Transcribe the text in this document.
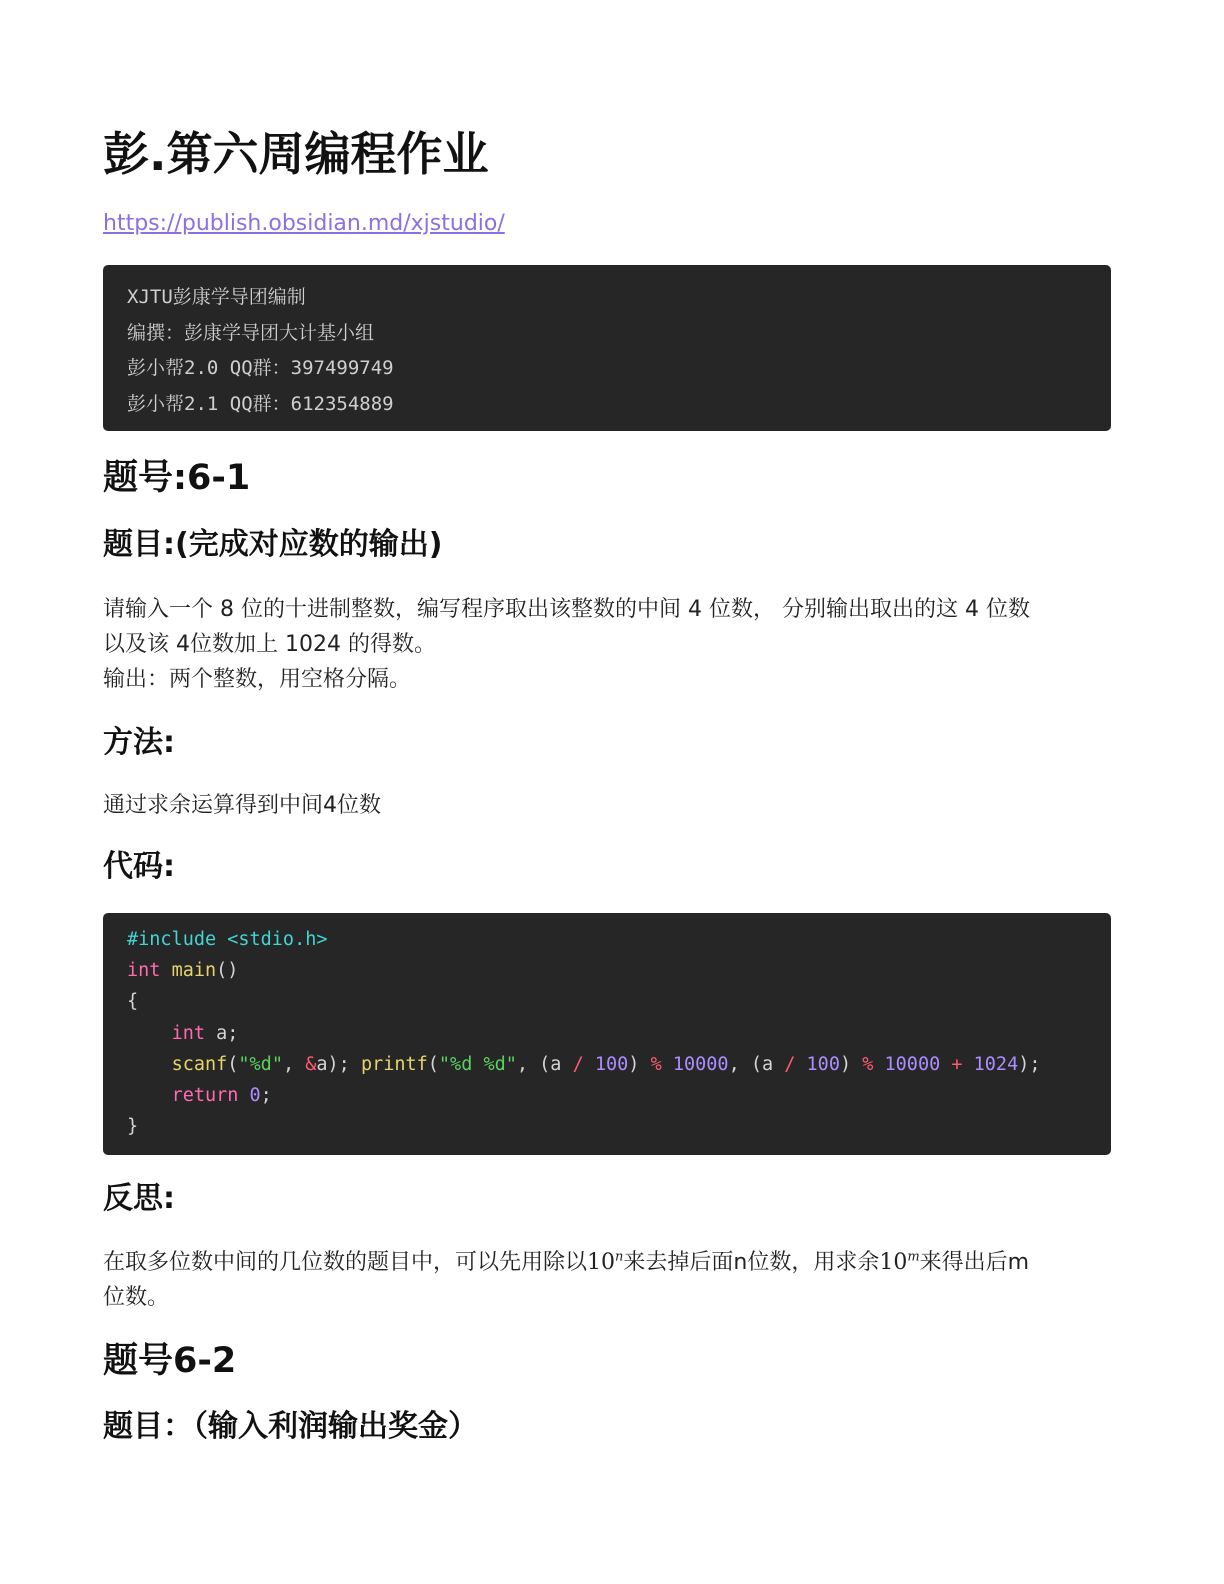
彭.第六周编程作业
https://publish.obsidian.md/xjstudio/
XJTU彭康学导团编制
编撰：彭康学导团大计基小组
彭小帮2.0 QQ群：397499749
彭小帮2.1 QQ群：612354889
题号:6-1
题目:(完成对应数的输出)

请输入一个 8 位的十进制整数，编写程序取出该整数的中间 4 位数， 分别输出取出的这 4 位数
以及该 4位数加上 1024 的得数。
输出：两个整数，用空格分隔。

方法:

通过求余运算得到中间4位数

代码:
#include <stdio.h>
int main()
{
int a;
scanf("%d", &a); printf("%d %d", (a / 100) % 10000, (a / 100) % 10000 + 1024);
return 0;
}
反思:

在取多位数中间的几位数的题目中，可以先用除以10$^n$来去掉后面n位数，用求余10$^m$来得出后m
位数。

题号6-2
题目：（输入利润输出奖金）
